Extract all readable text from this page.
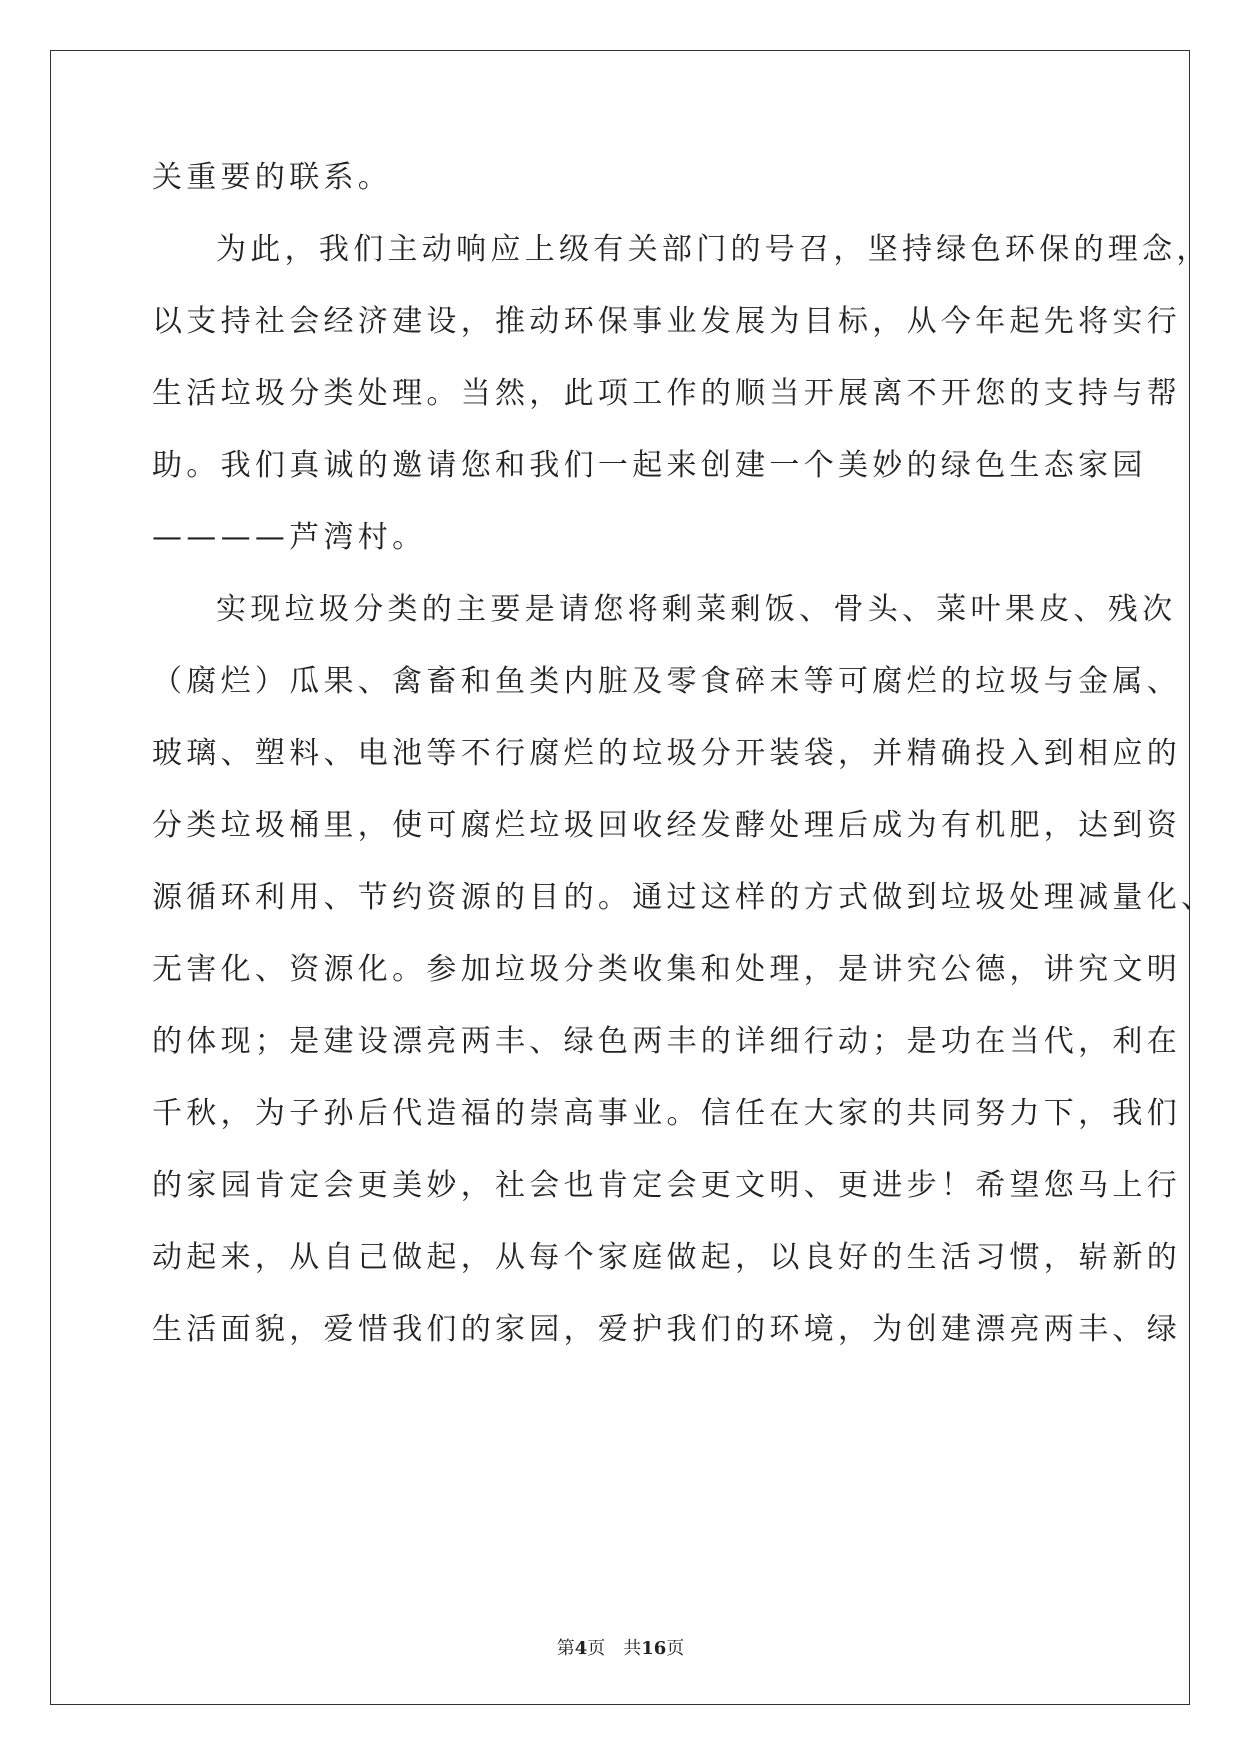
关重要的联系。
为此，我们主动响应上级有关部门的号召，坚持绿色环保的理念，
以支持社会经济建设，推动环保事业发展为目标，从今年起先将实行
生活垃圾分类处理。当然，此项工作的顺当开展离不开您的支持与帮
助。我们真诚的邀请您和我们一起来创建一个美妙的绿色生态家园
————芦湾村。
实现垃圾分类的主要是请您将剩菜剩饭、骨头、菜叶果皮、残次
（腐烂）瓜果、禽畜和鱼类内脏及零食碎末等可腐烂的垃圾与金属、
玻璃、塑料、电池等不行腐烂的垃圾分开装袋，并精确投入到相应的
分类垃圾桶里，使可腐烂垃圾回收经发酵处理后成为有机肥，达到资
源循环利用、节约资源的目的。通过这样的方式做到垃圾处理减量化、
无害化、资源化。参加垃圾分类收集和处理，是讲究公德，讲究文明
的体现；是建设漂亮两丰、绿色两丰的详细行动；是功在当代，利在
千秋，为子孙后代造福的崇高事业。信任在大家的共同努力下，我们
的家园肯定会更美妙，社会也肯定会更文明、更进步！希望您马上行
动起来，从自己做起，从每个家庭做起，以良好的生活习惯，崭新的
生活面貌，爱惜我们的家园，爱护我们的环境，为创建漂亮两丰、绿
第4页 共16页
